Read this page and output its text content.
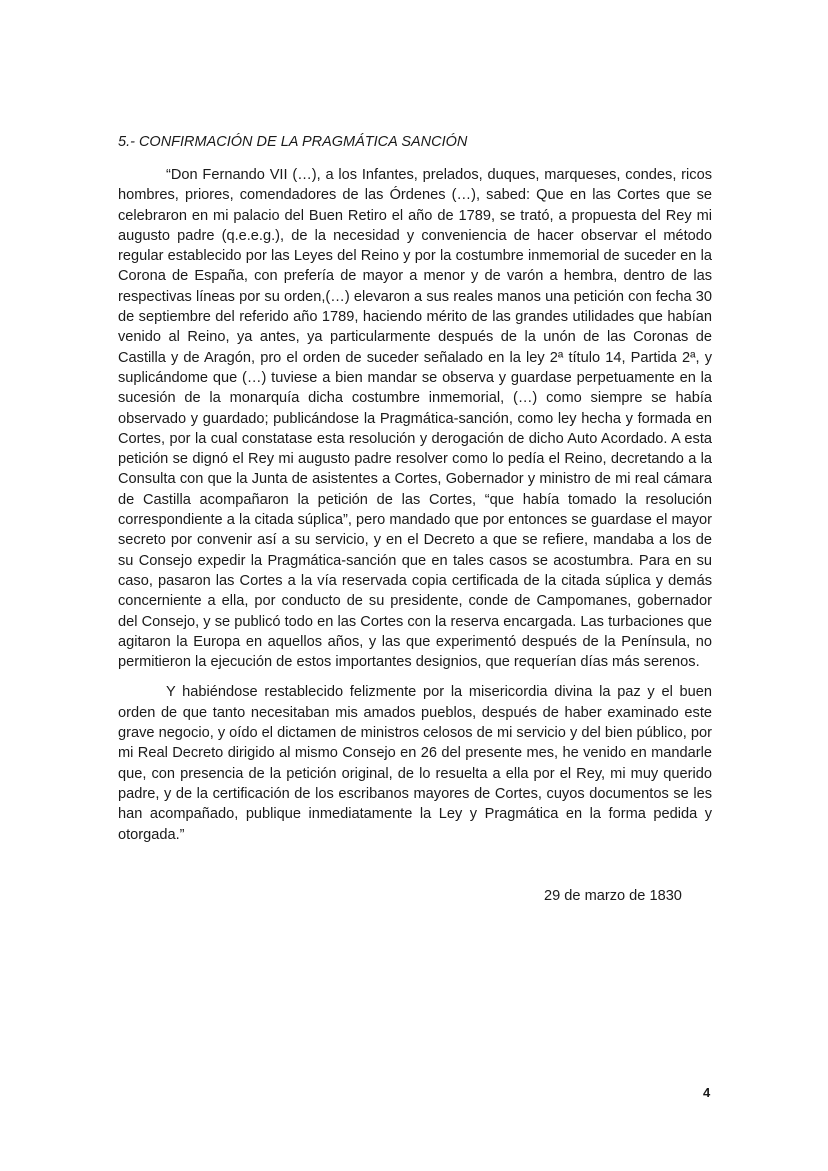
5.- CONFIRMACIÓN DE LA PRAGMÁTICA SANCIÓN

“Don Fernando VII (…), a los Infantes, prelados, duques, marqueses, condes, ricos hombres, priores, comendadores de las Órdenes (…), sabed: Que en las Cortes que se celebraron en mi palacio del Buen Retiro el año de 1789, se trató, a propuesta del Rey mi augusto padre (q.e.e.g.), de la necesidad y conveniencia de hacer observar el método regular establecido por las Leyes del Reino y por la costumbre inmemorial de suceder en la Corona de España, con prefería de mayor a menor y de varón a hembra, dentro de las respectivas líneas por su orden,(…) elevaron a sus reales manos una petición con fecha 30 de septiembre del referido año 1789, haciendo mérito de las grandes utilidades que habían venido al Reino, ya antes, ya particularmente después de la unón de las Coronas de Castilla y de Aragón, pro el orden de suceder señalado en la ley 2ª título 14, Partida 2ª, y suplicándome que (…) tuviese a bien mandar se observa y guardase perpetuamente en la sucesión de la monarquía dicha costumbre inmemorial, (…) como siempre se había observado y guardado; publicándose la Pragmática-sanción, como ley hecha y formada en Cortes, por la cual constatase esta resolución y derogación de dicho Auto Acordado. A esta petición se dignó el Rey mi augusto padre resolver como lo pedía el Reino, decretando a la Consulta con que la Junta de asistentes a Cortes, Gobernador y ministro de mi real cámara de Castilla acompañaron la petición de las Cortes, “que había tomado la resolución correspondiente a la citada súplica”, pero mandado que por entonces se guardase el mayor secreto por convenir así a su servicio, y en el Decreto a que se refiere, mandaba a los de su Consejo expedir la Pragmática-sanción que en tales casos se acostumbra. Para en su caso, pasaron las Cortes a la vía reservada copia certificada de la citada súplica y demás concerniente a ella, por conducto de su presidente, conde de Campomanes, gobernador del Consejo, y se publicó todo en las Cortes con la reserva encargada. Las turbaciones que agitaron la Europa en aquellos años, y las que experimentó después de la Península, no permitieron la ejecución de estos importantes designios, que requerían días más serenos.

Y habiéndose restablecido felizmente por la misericordia divina la paz y el buen orden de que tanto necesitaban mis amados pueblos, después de haber examinado este grave negocio, y oído el dictamen de ministros celosos de mi servicio y del bien público, por mi Real Decreto dirigido al mismo Consejo en 26 del presente mes, he venido en mandarle que, con presencia de la petición original, de lo resuelta a ella por el Rey, mi muy querido padre, y de la certificación de los escribanos mayores de Cortes, cuyos documentos se les han acompañado, publique inmediatamente la Ley y Pragmática en la forma pedida y otorgada.”

29 de marzo de 1830
4
